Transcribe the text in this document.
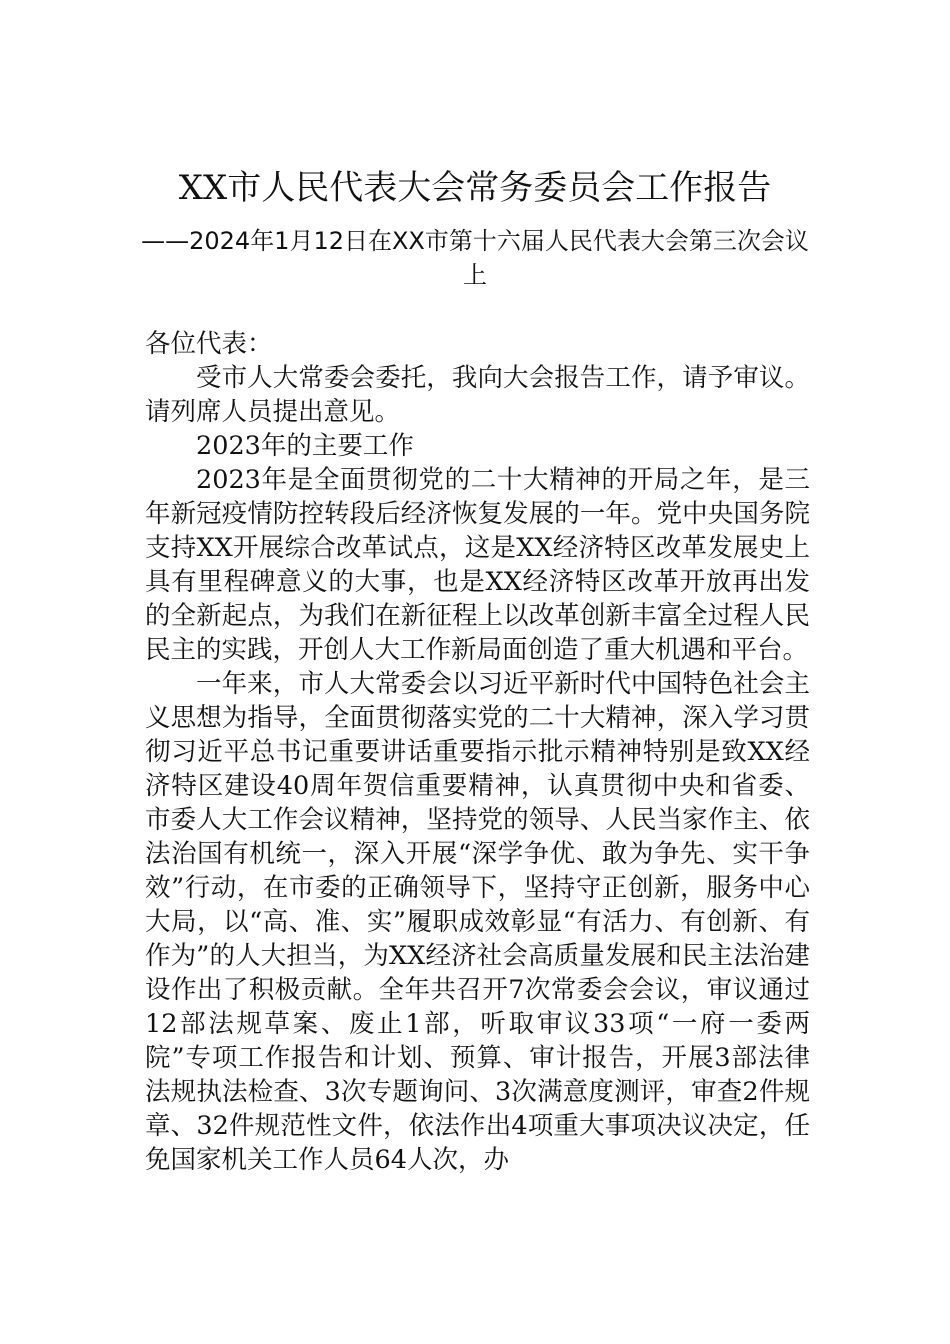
XX市人民代表大会常务委员会工作报告
——2024年1月12日在XX市第十六届人民代表大会第三次会议上

各位代表：

受市人大常委会委托，我向大会报告工作，请予审议。请列席人员提出意见。

2023年的主要工作

2023年是全面贯彻党的二十大精神的开局之年，是三年新冠疫情防控转段后经济恢复发展的一年。党中央国务院支持XX开展综合改革试点，这是XX经济特区改革发展史上具有里程碑意义的大事，也是XX经济特区改革开放再出发的全新起点，为我们在新征程上以改革创新丰富全过程人民民主的实践，开创人大工作新局面创造了重大机遇和平台。

一年来，市人大常委会以习近平新时代中国特色社会主义思想为指导，全面贯彻落实党的二十大精神，深入学习贯彻习近平总书记重要讲话重要指示批示精神特别是致XX经济特区建设40周年贺信重要精神，认真贯彻中央和省委、市委人大工作会议精神，坚持党的领导、人民当家作主、依法治国有机统一，深入开展“深学争优、敢为争先、实干争效”行动，在市委的正确领导下，坚持守正创新，服务中心大局，以“高、准、实”履职成效彰显“有活力、有创新、有作为”的人大担当，为XX经济社会高质量发展和民主法治建设作出了积极贡献。全年共召开7次常委会会议，审议通过12部法规草案、废止1部，听取审议33项“一府一委两院”专项工作报告和计划、预算、审计报告，开展3部法律法规执法检查、3次专题询问、3次满意度测评，审查2件规章、32件规范性文件，依法作出4项重大事项决议决定，任免国家机关工作人员64人次，办
